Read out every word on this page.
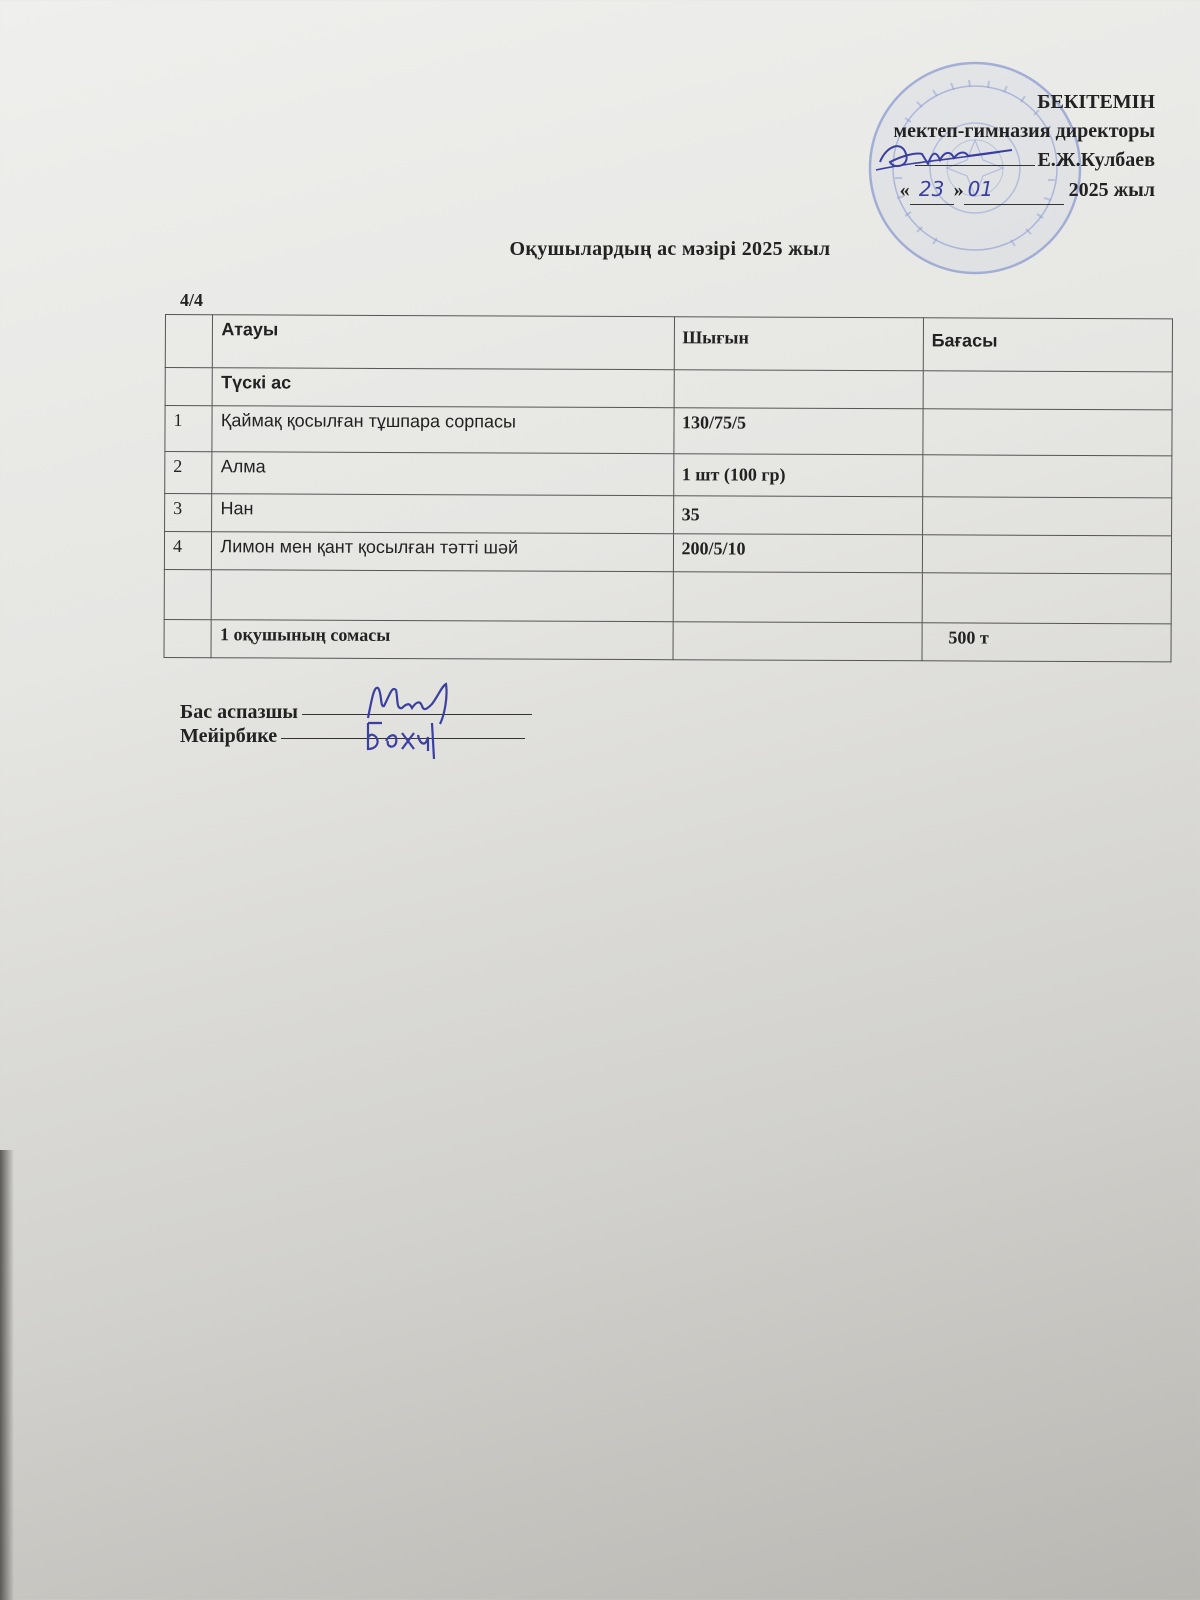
БЕКІТЕМІН
мектеп-гимназия директоры
Е.Ж.Кулбаев
« 23 » 01	2025 жыл
Оқушылардың ас мәзірі 2025 жыл
4/4
	Атауы	Шығын	Бағасы
	Түскі ас		
1	Қаймақ қосылған тұшпара сорпасы	130/75/5	
2	Алма	1 шт (100 гр)	
3	Нан	35	
4	Лимон мен қант қосылған тәтті шәй	200/5/10	

	1 оқушының сомасы		500 т
Бас аспазшы
Мейірбике
